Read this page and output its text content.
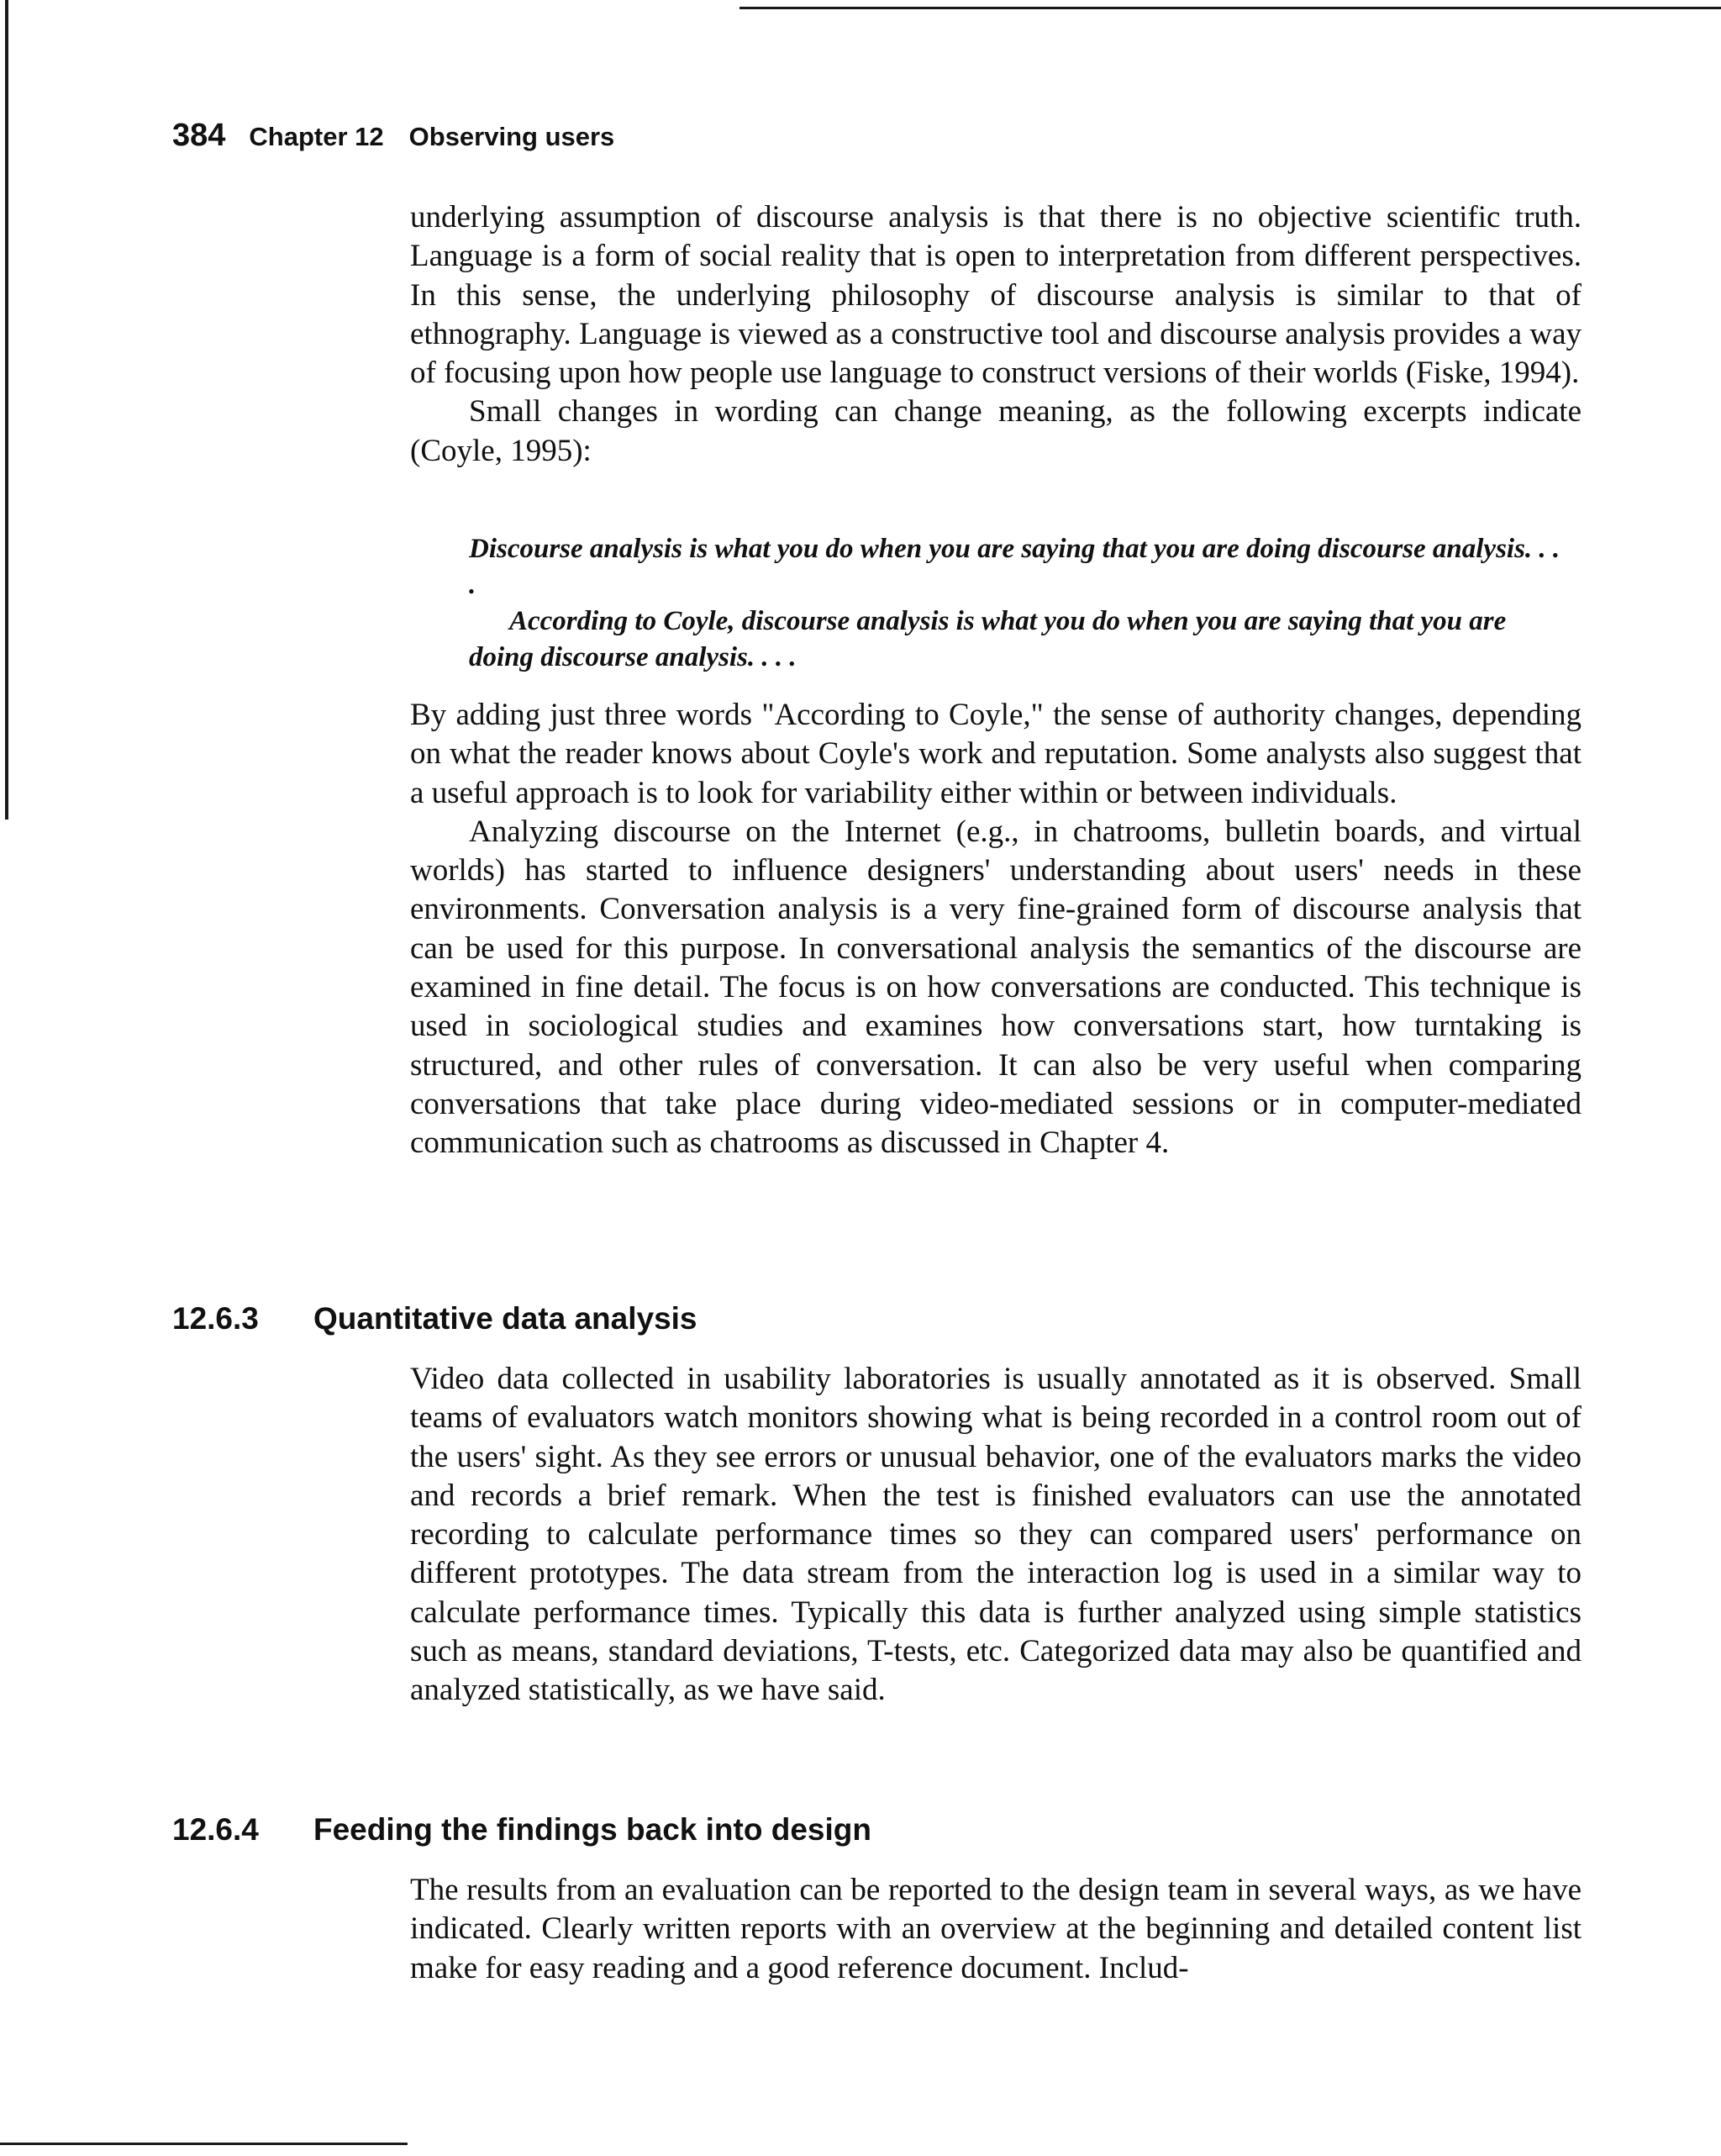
384 Chapter 12 Observing users

underlying assumption of discourse analysis is that there is no objective scientific truth. Language is a form of social reality that is open to interpretation from different perspectives. In this sense, the underlying philosophy of discourse analysis is similar to that of ethnography. Language is viewed as a constructive tool and discourse analysis provides a way of focusing upon how people use language to construct versions of their worlds (Fiske, 1994).

Small changes in wording can change meaning, as the following excerpts indicate (Coyle, 1995):

Discourse analysis is what you do when you are saying that you are doing discourse analysis. . . .

According to Coyle, discourse analysis is what you do when you are saying that you are doing discourse analysis. . . .

By adding just three words "According to Coyle," the sense of authority changes, depending on what the reader knows about Coyle's work and reputation. Some analysts also suggest that a useful approach is to look for variability either within or between individuals.

Analyzing discourse on the Internet (e.g., in chatrooms, bulletin boards, and virtual worlds) has started to influence designers' understanding about users' needs in these environments. Conversation analysis is a very fine-grained form of discourse analysis that can be used for this purpose. In conversational analysis the semantics of the discourse are examined in fine detail. The focus is on how conversations are conducted. This technique is used in sociological studies and examines how conversations start, how turntaking is structured, and other rules of conversation. It can also be very useful when comparing conversations that take place during video-mediated sessions or in computer-mediated communication such as chatrooms as discussed in Chapter 4.

12.6.3 Quantitative data analysis

Video data collected in usability laboratories is usually annotated as it is observed. Small teams of evaluators watch monitors showing what is being recorded in a control room out of the users' sight. As they see errors or unusual behavior, one of the evaluators marks the video and records a brief remark. When the test is finished evaluators can use the annotated recording to calculate performance times so they can compared users' performance on different prototypes. The data stream from the interaction log is used in a similar way to calculate performance times. Typically this data is further analyzed using simple statistics such as means, standard deviations, T-tests, etc. Categorized data may also be quantified and analyzed statistically, as we have said.

12.6.4 Feeding the findings back into design

The results from an evaluation can be reported to the design team in several ways, as we have indicated. Clearly written reports with an overview at the beginning and detailed content list make for easy reading and a good reference document. Includ-
